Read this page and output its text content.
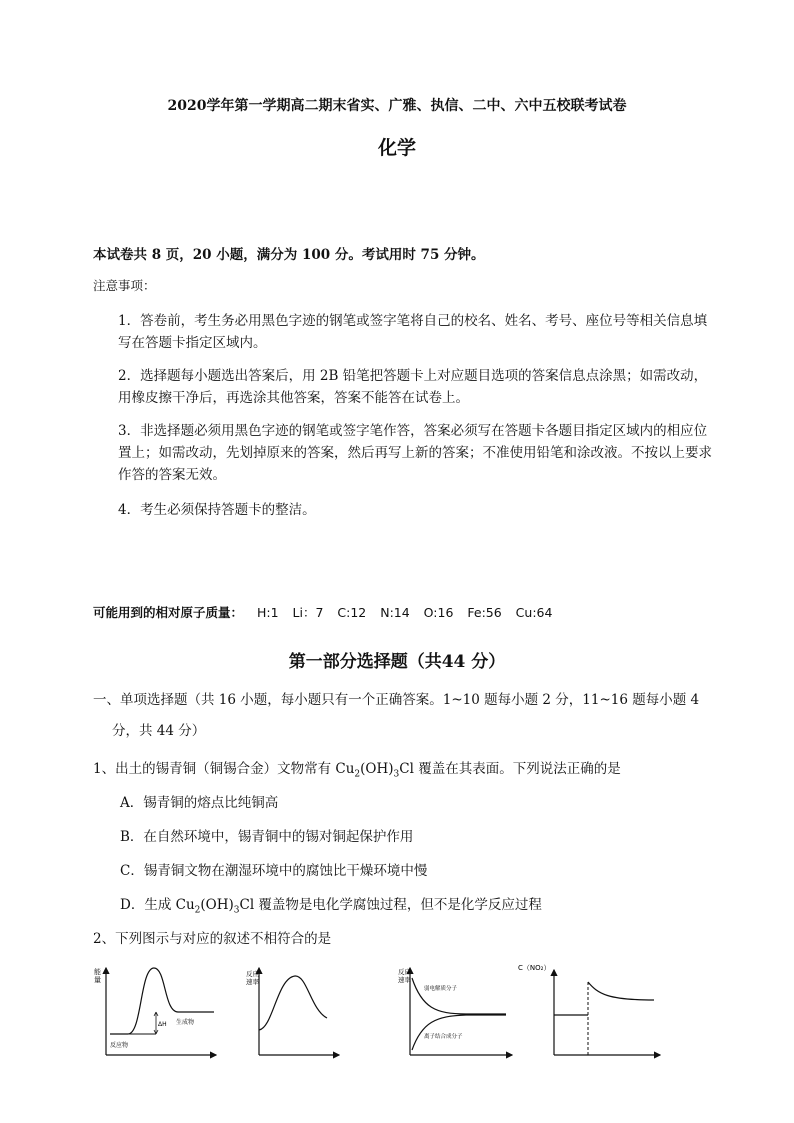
2020学年第一学期高二期末省实、广雅、执信、二中、六中五校联考试卷
化学
本试卷共 8 页，20 小题，满分为 100 分。考试用时 75 分钟。
注意事项：
1．答卷前，考生务必用黑色字迹的钢笔或签字笔将自己的校名、姓名、考号、座位号等相关信息填写在答题卡指定区域内。
2．选择题每小题选出答案后，用 2B 铅笔把答题卡上对应题目选项的答案信息点涂黑；如需改动，用橡皮擦干净后，再选涂其他答案，答案不能答在试卷上。
3．非选择题必须用黑色字迹的钢笔或签字笔作答，答案必须写在答题卡各题目指定区域内的相应位置上；如需改动，先划掉原来的答案，然后再写上新的答案；不准使用铅笔和涂改液。不按以上要求作答的答案无效。
4．考生必须保持答题卡的整洁。
可能用到的相对原子质量： H:1 Li：7 C:12 N:14 O:16 Fe:56 Cu:64
第一部分选择题（共44 分）
一、单项选择题（共 16 小题，每小题只有一个正确答案。1~10 题每小题 2 分，11~16 题每小题 4
分，共 44 分）
1、出土的锡青铜（铜锡合金）文物常有 $Cu_2(OH)_3Cl$ 覆盖在其表面。下列说法正确的是
A．锡青铜的熔点比纯铜高
B．在自然环境中，锡青铜中的锡对铜起保护作用
C．锡青铜文物在潮湿环境中的腐蚀比干燥环境中慢
D．生成 $Cu_2(OH)_3Cl$ 覆盖物是电化学腐蚀过程，但不是化学反应过程
2、下列图示与对应的叙述不相符合的是
能
量
ΔH 生成物
反应物
反应
速率
反应
速率
弱电解质分子
离子结合成分子
C（NO₂）
